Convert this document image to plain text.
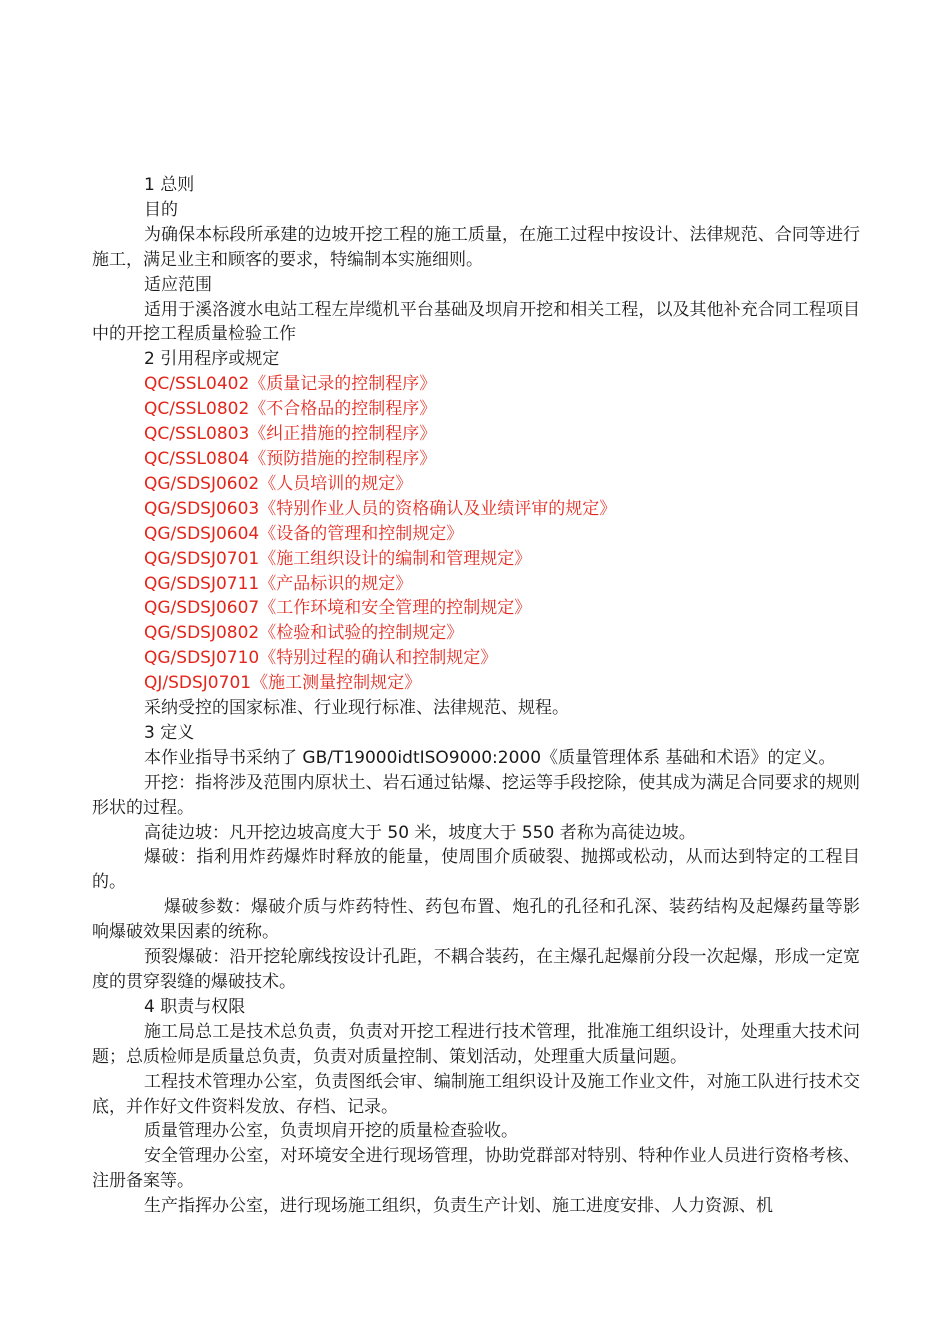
1 总则

目的

为确保本标段所承建的边坡开挖工程的施工质量，在施工过程中按设计、法律规范、合同等进行施工，满足业主和顾客的要求，特编制本实施细则。

适应范围

适用于溪洛渡水电站工程左岸缆机平台基础及坝肩开挖和相关工程，以及其他补充合同工程项目中的开挖工程质量检验工作

2 引用程序或规定

QC/SSL0402《质量记录的控制程序》

QC/SSL0802《不合格品的控制程序》

QC/SSL0803《纠正措施的控制程序》

QC/SSL0804《预防措施的控制程序》

QG/SDSJ0602《人员培训的规定》

QG/SDSJ0603《特别作业人员的资格确认及业绩评审的规定》

QG/SDSJ0604《设备的管理和控制规定》

QG/SDSJ0701《施工组织设计的编制和管理规定》

QG/SDSJ0711《产品标识的规定》

QG/SDSJ0607《工作环境和安全管理的控制规定》

QG/SDSJ0802《检验和试验的控制规定》

QG/SDSJ0710《特别过程的确认和控制规定》

QJ/SDSJ0701《施工测量控制规定》

采纳受控的国家标准、行业现行标准、法律规范、规程。

3 定义

本作业指导书采纳了 GB/T19000idtISO9000:2000《质量管理体系 基础和术语》的定义。

开挖：指将涉及范围内原状土、岩石通过钻爆、挖运等手段挖除，使其成为满足合同要求的规则形状的过程。

高徒边坡：凡开挖边坡高度大于 50 米，坡度大于 550 者称为高徒边坡。

爆破：指利用炸药爆炸时释放的能量，使周围介质破裂、抛掷或松动，从而达到特定的工程目的。

爆破参数：爆破介质与炸药特性、药包布置、炮孔的孔径和孔深、装药结构及起爆药量等影响爆破效果因素的统称。

预裂爆破：沿开挖轮廓线按设计孔距，不耦合装药，在主爆孔起爆前分段一次起爆，形成一定宽度的贯穿裂缝的爆破技术。

4 职责与权限

施工局总工是技术总负责，负责对开挖工程进行技术管理，批准施工组织设计，处理重大技术问题；总质检师是质量总负责，负责对质量控制、策划活动，处理重大质量问题。

工程技术管理办公室，负责图纸会审、编制施工组织设计及施工作业文件，对施工队进行技术交底，并作好文件资料发放、存档、记录。

质量管理办公室，负责坝肩开挖的质量检查验收。

安全管理办公室，对环境安全进行现场管理，协助党群部对特别、特种作业人员进行资格考核、注册备案等。

生产指挥办公室，进行现场施工组织，负责生产计划、施工进度安排、人力资源、机
